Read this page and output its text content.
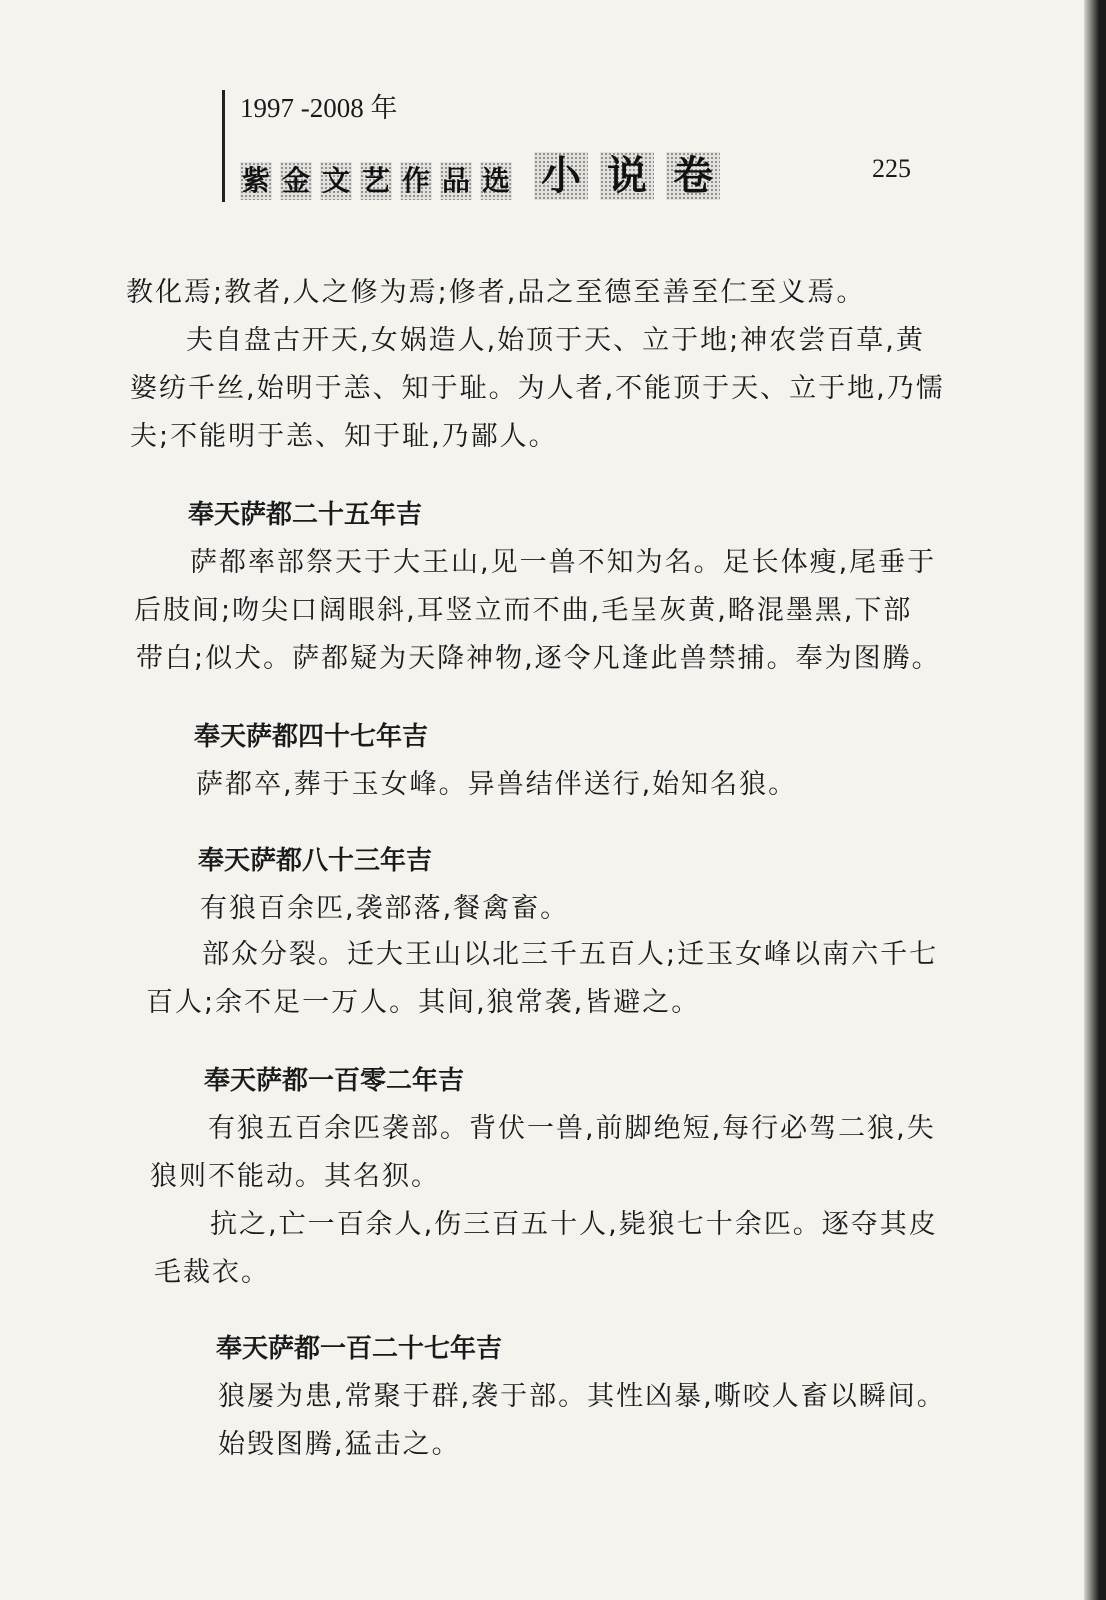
1997 -2008 年
紫 金 文 艺 作 品 选 小 说 卷	225
教化焉;教者,人之修为焉;修者,品之至德至善至仁至义焉。
夫自盘古开天,女娲造人,始顶于天、立于地;神农尝百草,黄
婆纺千丝,始明于恙、知于耻。为人者,不能顶于天、立于地,乃懦
夫;不能明于恙、知于耻,乃鄙人。
奉天萨都二十五年吉
萨都率部祭天于大王山,见一兽不知为名。足长体瘦,尾垂于
后肢间;吻尖口阔眼斜,耳竖立而不曲,毛呈灰黄,略混墨黑,下部
带白;似犬。萨都疑为天降神物,逐令凡逢此兽禁捕。奉为图腾。
奉天萨都四十七年吉
萨都卒,葬于玉女峰。异兽结伴送行,始知名狼。
奉天萨都八十三年吉
有狼百余匹,袭部落,餐禽畜。
部众分裂。迁大王山以北三千五百人;迁玉女峰以南六千七
百人;余不足一万人。其间,狼常袭,皆避之。
奉天萨都一百零二年吉
有狼五百余匹袭部。背伏一兽,前脚绝短,每行必驾二狼,失
狼则不能动。其名狈。
抗之,亡一百余人,伤三百五十人,毙狼七十余匹。逐夺其皮
毛裁衣。
奉天萨都一百二十七年吉
狼屡为患,常聚于群,袭于部。其性凶暴,嘶咬人畜以瞬间。
始毁图腾,猛击之。
